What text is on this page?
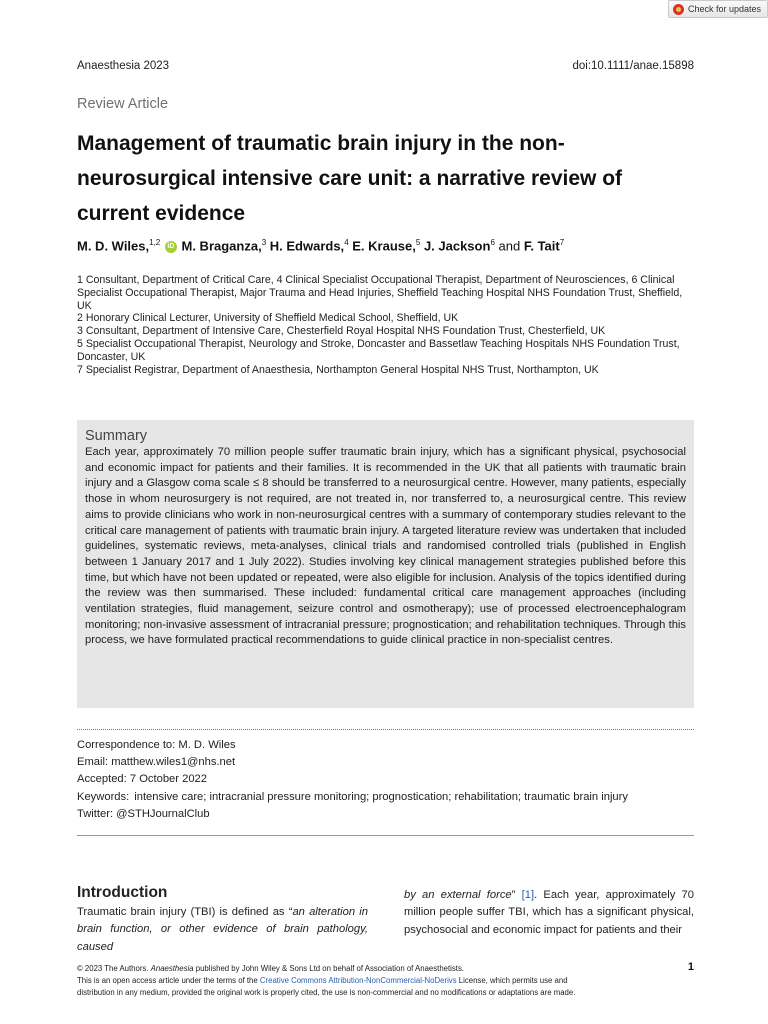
Check for updates
Anaesthesia 2023	doi:10.1111/anae.15898
Review Article
Management of traumatic brain injury in the non-neurosurgical intensive care unit: a narrative review of current evidence
M. D. Wiles,$^{1,2}$ iD M. Braganza,$^3$ H. Edwards,$^4$ E. Krause,$^5$ J. Jackson$^6$ and F. Tait$^7$
1 Consultant, Department of Critical Care, 4 Clinical Specialist Occupational Therapist, Department of Neurosciences, 6 Clinical Specialist Occupational Therapist, Major Trauma and Head Injuries, Sheffield Teaching Hospital NHS Foundation Trust, Sheffield, UK
2 Honorary Clinical Lecturer, University of Sheffield Medical School, Sheffield, UK
3 Consultant, Department of Intensive Care, Chesterfield Royal Hospital NHS Foundation Trust, Chesterfield, UK
5 Specialist Occupational Therapist, Neurology and Stroke, Doncaster and Bassetlaw Teaching Hospitals NHS Foundation Trust, Doncaster, UK
7 Specialist Registrar, Department of Anaesthesia, Northampton General Hospital NHS Trust, Northampton, UK
Summary
Each year, approximately 70 million people suffer traumatic brain injury, which has a significant physical, psychosocial and economic impact for patients and their families. It is recommended in the UK that all patients with traumatic brain injury and a Glasgow coma scale ≤ 8 should be transferred to a neurosurgical centre. However, many patients, especially those in whom neurosurgery is not required, are not treated in, nor transferred to, a neurosurgical centre. This review aims to provide clinicians who work in non-neurosurgical centres with a summary of contemporary studies relevant to the critical care management of patients with traumatic brain injury. A targeted literature review was undertaken that included guidelines, systematic reviews, meta-analyses, clinical trials and randomised controlled trials (published in English between 1 January 2017 and 1 July 2022). Studies involving key clinical management strategies published before this time, but which have not been updated or repeated, were also eligible for inclusion. Analysis of the topics identified during the review was then summarised. These included: fundamental critical care management approaches (including ventilation strategies, fluid management, seizure control and osmotherapy); use of processed electroencephalogram monitoring; non-invasive assessment of intracranial pressure; prognostication; and rehabilitation techniques. Through this process, we have formulated practical recommendations to guide clinical practice in non-specialist centres.
Correspondence to: M. D. Wiles
Email: matthew.wiles1@nhs.net
Accepted: 7 October 2022
Keywords: intensive care; intracranial pressure monitoring; prognostication; rehabilitation; traumatic brain injury
Twitter: @STHJournalClub
Introduction
Traumatic brain injury (TBI) is defined as “an alteration in brain function, or other evidence of brain pathology, caused
by an external force” [1]. Each year, approximately 70 million people suffer TBI, which has a significant physical, psychosocial and economic impact for patients and their
© 2023 The Authors. Anaesthesia published by John Wiley & Sons Ltd on behalf of Association of Anaesthetists.
This is an open access article under the terms of the Creative Commons Attribution-NonCommercial-NoDerivs License, which permits use and
distribution in any medium, provided the original work is properly cited, the use is non-commercial and no modifications or adaptations are made.
1
